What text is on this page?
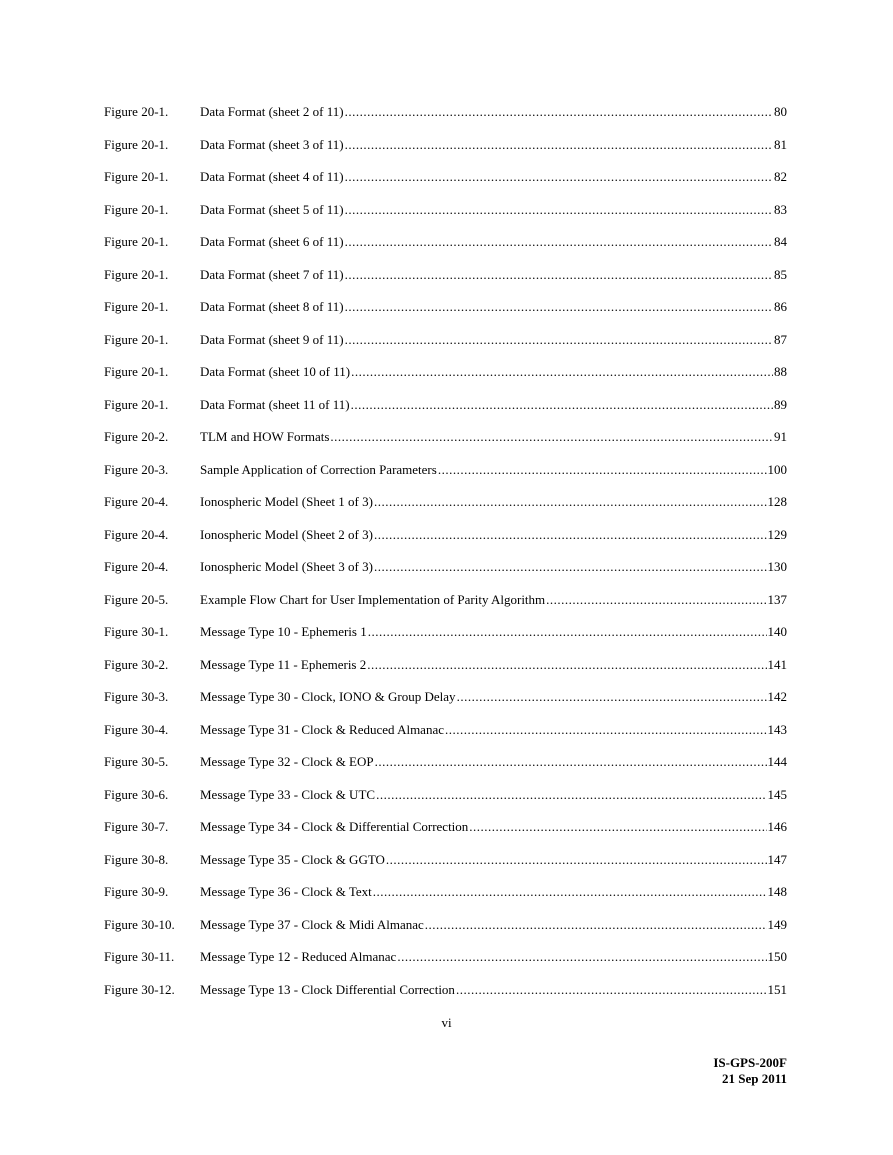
Figure 20-1.	Data Format (sheet 2 of 11) .....	80
Figure 20-1.	Data Format (sheet 3 of 11) .....	81
Figure 20-1.	Data Format (sheet 4 of 11) .....	82
Figure 20-1.	Data Format (sheet 5 of 11) .....	83
Figure 20-1.	Data Format (sheet 6 of 11) .....	84
Figure 20-1.	Data Format (sheet 7 of 11) .....	85
Figure 20-1.	Data Format (sheet 8 of 11) .....	86
Figure 20-1.	Data Format (sheet 9 of 11) .....	87
Figure 20-1.	Data Format (sheet 10 of 11) .....	88
Figure 20-1.	Data Format (sheet 11 of 11) .....	89
Figure 20-2.	TLM and HOW Formats .....	91
Figure 20-3.	Sample Application of Correction Parameters .....	100
Figure 20-4.	Ionospheric Model (Sheet 1 of 3) .....	128
Figure 20-4.	Ionospheric Model (Sheet 2 of 3) .....	129
Figure 20-4.	Ionospheric Model (Sheet 3 of 3) .....	130
Figure 20-5.	Example Flow Chart for User Implementation of Parity Algorithm .....	137
Figure 30-1.	Message Type 10 - Ephemeris 1 .....	140
Figure 30-2.	Message Type 11 - Ephemeris 2 .....	141
Figure 30-3.	Message Type 30 - Clock, IONO & Group Delay .....	142
Figure 30-4.	Message Type 31 - Clock & Reduced Almanac .....	143
Figure 30-5.	Message Type 32 - Clock & EOP .....	144
Figure 30-6.	Message Type 33 - Clock & UTC .....	145
Figure 30-7.	Message Type 34 - Clock & Differential Correction .....	146
Figure 30-8.	Message Type 35 - Clock & GGTO .....	147
Figure 30-9.	Message Type 36 - Clock & Text .....	148
Figure 30-10.	Message Type 37 - Clock & Midi Almanac .....	149
Figure 30-11.	Message Type 12 - Reduced Almanac .....	150
Figure 30-12.	Message Type 13 - Clock Differential Correction .....	151
vi
IS-GPS-200F
21 Sep 2011
